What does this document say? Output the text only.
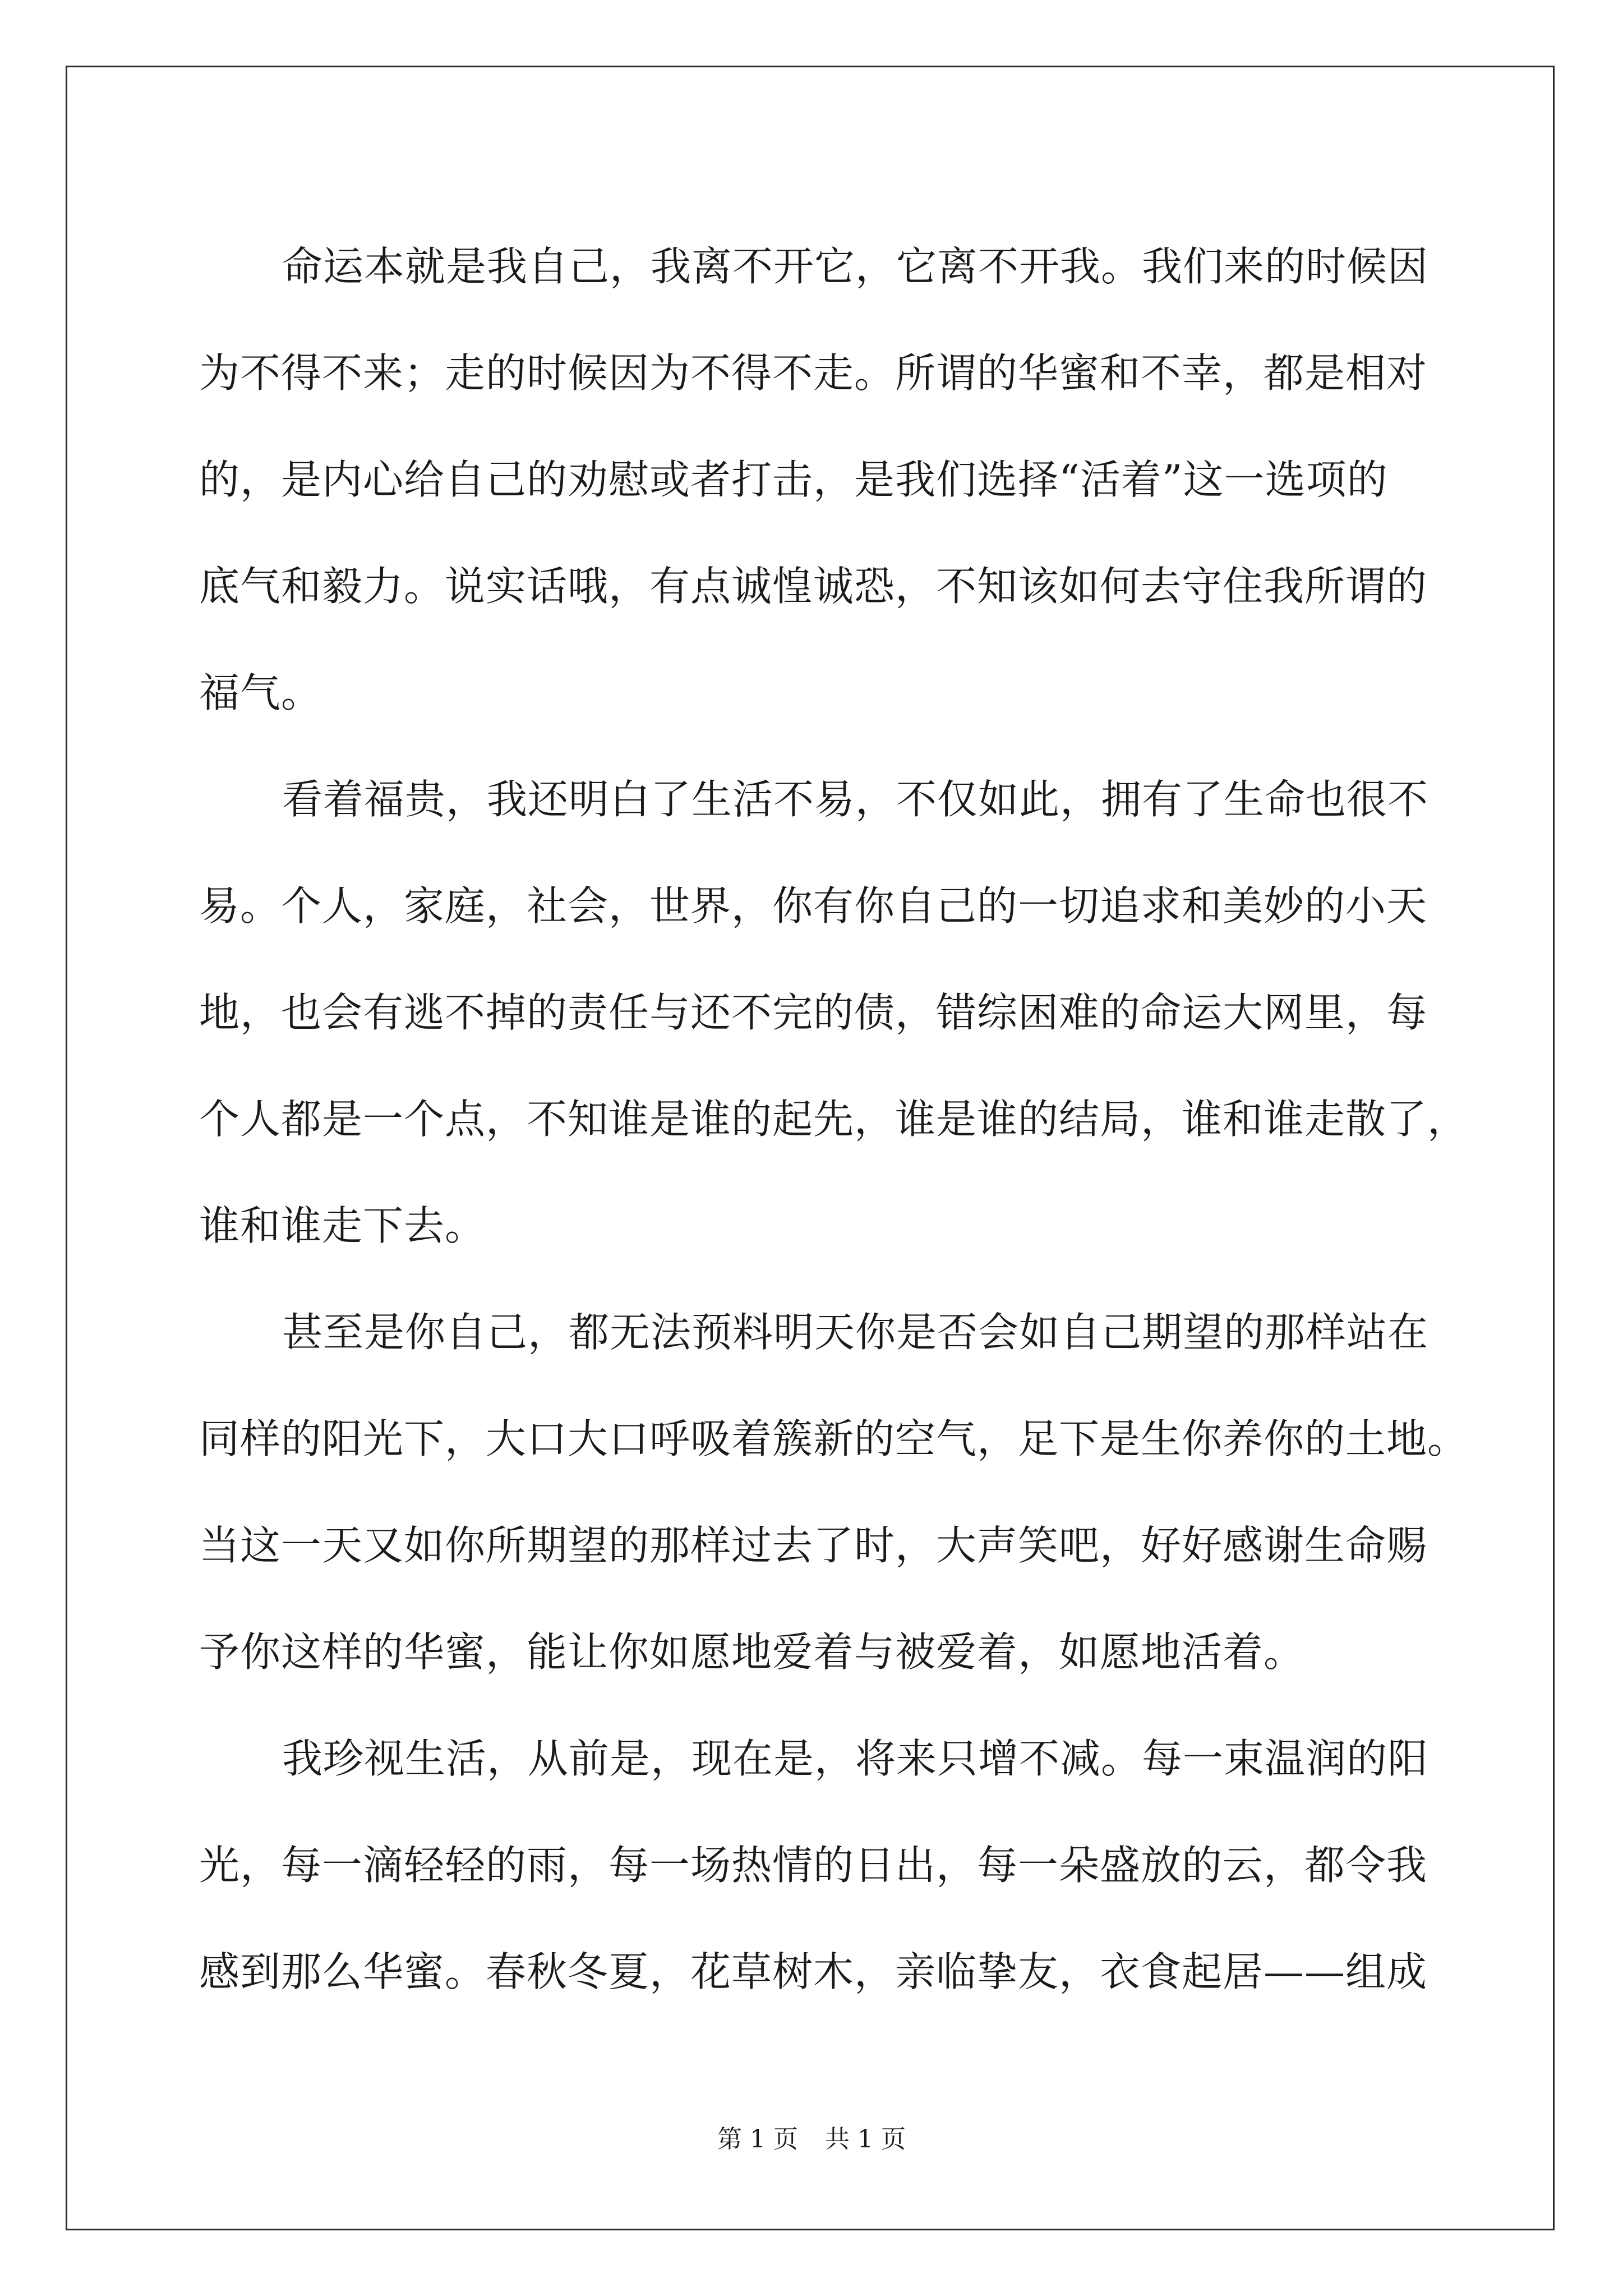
命运本就是我自己，我离不开它，它离不开我。我们来的时候因
为不得不来；走的时候因为不得不走。所谓的华蜜和不幸，都是相对
的，是内心给自己的劝慰或者打击，是我们选择“活着”这一选项的
底气和毅力。说实话哦，有点诚惶诚恐，不知该如何去守住我所谓的
福气。
看着福贵，我还明白了生活不易，不仅如此，拥有了生命也很不
易。个人，家庭，社会，世界，你有你自己的一切追求和美妙的小天
地，也会有逃不掉的责任与还不完的债，错综困难的命运大网里，每
个人都是一个点，不知谁是谁的起先，谁是谁的结局，谁和谁走散了，
谁和谁走下去。
甚至是你自己，都无法预料明天你是否会如自己期望的那样站在
同样的阳光下，大口大口呼吸着簇新的空气，足下是生你养你的土地。
当这一天又如你所期望的那样过去了时，大声笑吧，好好感谢生命赐
予你这样的华蜜，能让你如愿地爱着与被爱着，如愿地活着。
我珍视生活，从前是，现在是，将来只增不减。每一束温润的阳
光，每一滴轻轻的雨，每一场热情的日出，每一朵盛放的云，都令我
感到那么华蜜。春秋冬夏，花草树木，亲临挚友，衣食起居——组成
第 1 页 共 1 页
